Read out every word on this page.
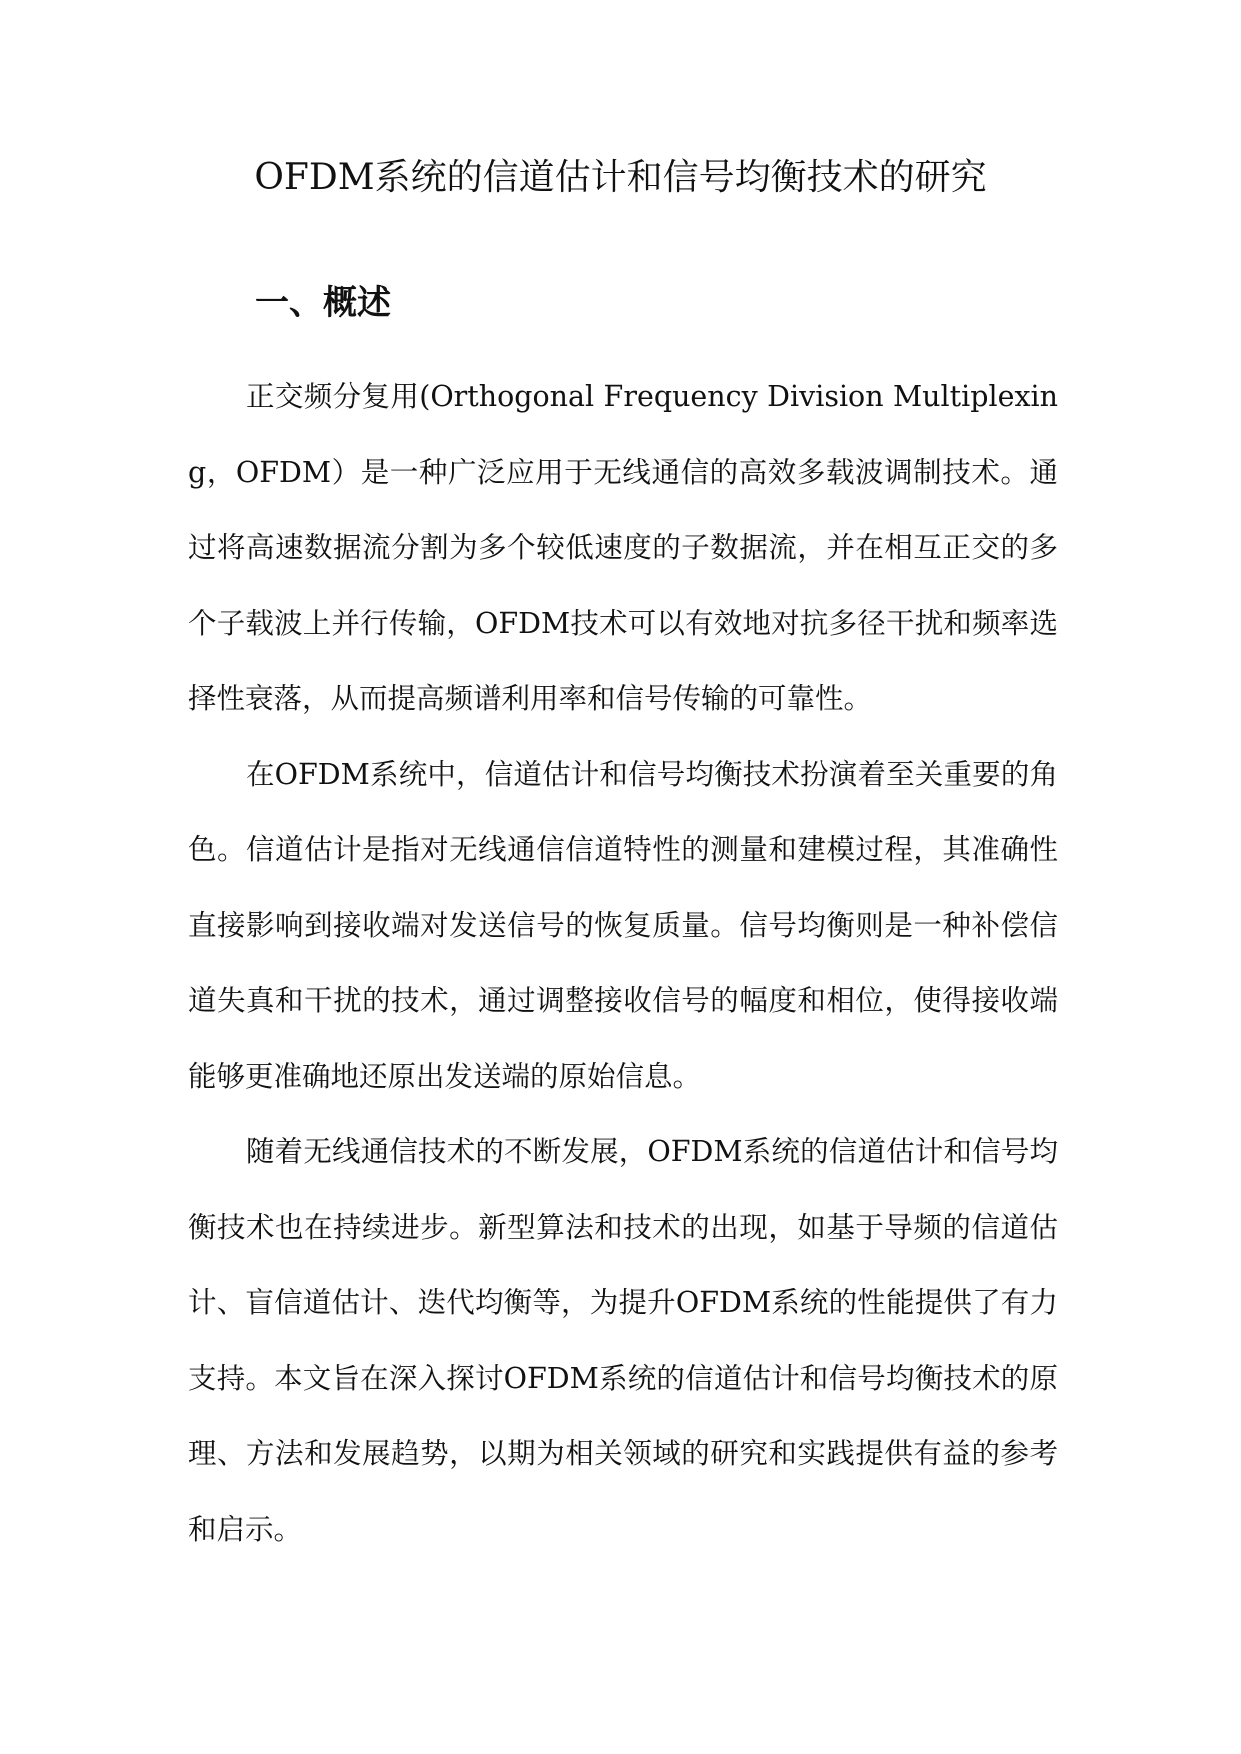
OFDM系统的信道估计和信号均衡技术的研究
一、概述

正交频分复用(Orthogonal Frequency Division Multiplexing，OFDM）是一种广泛应用于无线通信的高效多载波调制技术。通过将高速数据流分割为多个较低速度的子数据流，并在相互正交的多个子载波上并行传输，OFDM技术可以有效地对抗多径干扰和频率选择性衰落，从而提高频谱利用率和信号传输的可靠性。

在OFDM系统中，信道估计和信号均衡技术扮演着至关重要的角色。信道估计是指对无线通信信道特性的测量和建模过程，其准确性直接影响到接收端对发送信号的恢复质量。信号均衡则是一种补偿信道失真和干扰的技术，通过调整接收信号的幅度和相位，使得接收端能够更准确地还原出发送端的原始信息。

随着无线通信技术的不断发展，OFDM系统的信道估计和信号均衡技术也在持续进步。新型算法和技术的出现，如基于导频的信道估计、盲信道估计、迭代均衡等，为提升OFDM系统的性能提供了有力支持。本文旨在深入探讨OFDM系统的信道估计和信号均衡技术的原理、方法和发展趋势，以期为相关领域的研究和实践提供有益的参考和启示。
